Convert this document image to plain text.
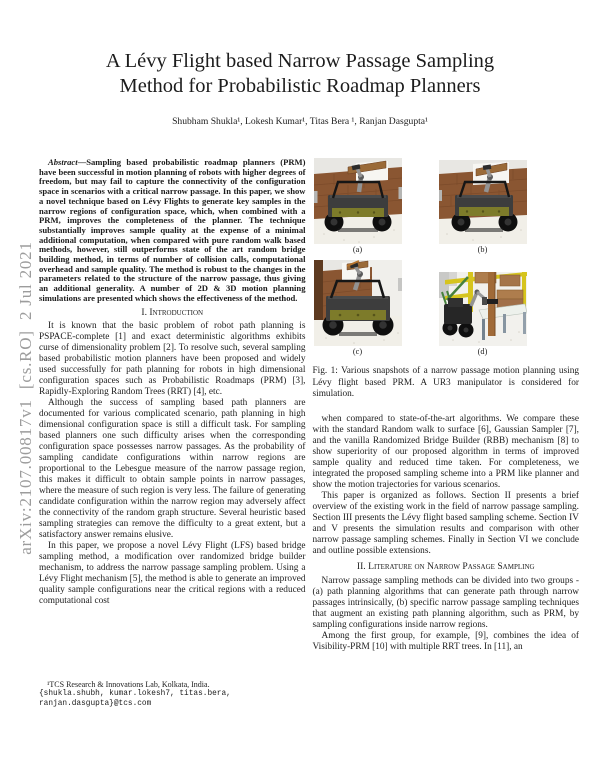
arXiv:2107.00817v1  [cs.RO]  2 Jul 2021
A Lévy Flight based Narrow Passage Sampling
Method for Probabilistic Roadmap Planners
Shubham Shukla¹, Lokesh Kumar¹, Titas Bera ¹, Ranjan Dasgupta¹

Abstract—Sampling based probabilistic roadmap planners (PRM) have been successful in motion planning of robots with higher degrees of freedom, but may fail to capture the connectivity of the configuration space in scenarios with a critical narrow passage. In this paper, we show a novel technique based on Lévy Flights to generate key samples in the narrow regions of configuration space, which, when combined with a PRM, improves the completeness of the planner. The technique substantially improves sample quality at the expense of a minimal additional computation, when compared with pure random walk based methods, however, still outperforms state of the art random bridge building method, in terms of number of collision calls, computational overhead and sample quality. The method is robust to the changes in the parameters related to the structure of the narrow passage, thus giving an additional generality. A number of 2D & 3D motion planning simulations are presented which shows the effectiveness of the method.

I. Introduction

It is known that the basic problem of robot path planning is PSPACE-complete [1] and exact deterministic algorithms exhibits curse of dimensionality problem [2]. To resolve such, several sampling based probabilistic motion planners have been proposed and widely used successfully for path planning for robots in high dimensional configuration spaces such as Probabilistic Roadmaps (PRM) [3], Rapidly-Exploring Random Trees (RRT) [4], etc.

Although the success of sampling based path planners are documented for various complicated scenario, path planning in high dimensional configuration space is still a difficult task. For sampling based planners one such difficulty arises when the corresponding configuration space possesses narrow passages. As the probability of sampling candidate configurations within narrow regions are proportional to the Lebesgue measure of the narrow passage region, this makes it difficult to obtain sample points in narrow passages, where the measure of such region is very less. The failure of generating candidate configuration within the narrow region may adversely affect the connectivity of the random graph structure. Several heuristic based sampling strategies can remove the difficulty to a great extent, but a satisfactory answer remains elusive.

In this paper, we propose a novel Lévy Flight (LFS) based bridge sampling method, a modification over randomized bridge builder mechanism, to address the narrow passage sampling problem. Using a Lévy Flight mechanism [5], the method is able to generate an improved quality sample configurations near the critical regions with a reduced computational cost

¹TCS Research & Innovations Lab, Kolkata, India.
{shukla.shubh, kumar.lokesh7, titas.bera,
ranjan.dasgupta}@tcs.com
(a)	(b)
(c)	(d)

Fig. 1: Various snapshots of a narrow passage motion planning using Lévy flight based PRM. A UR3 manipulator is considered for simulation.

when compared to state-of-the-art algorithms. We compare these with the standard Random walk to surface [6], Gaussian Sampler [7], and the vanilla Randomized Bridge Builder (RBB) mechanism [8] to show superiority of our proposed algorithm in terms of improved sample quality and reduced time taken. For completeness, we integrated the proposed sampling scheme into a PRM like planner and show the motion trajectories for various scenarios.

This paper is organized as follows. Section II presents a brief overview of the existing work in the field of narrow passage sampling. Section III presents the Lévy flight based sampling scheme. Section IV and V presents the simulation results and comparison with other narrow passage sampling schemes. Finally in Section VI we conclude and outline possible extensions.

II. Literature on Narrow Passage Sampling

Narrow passage sampling methods can be divided into two groups - (a) path planning algorithms that can generate path through narrow passages intrinsically, (b) specific narrow passage sampling techniques that augment an existing path planning algorithm, such as PRM, by sampling configurations inside narrow regions.

Among the first group, for example, [9], combines the idea of Visibility-PRM [10] with multiple RRT trees. In [11], an
